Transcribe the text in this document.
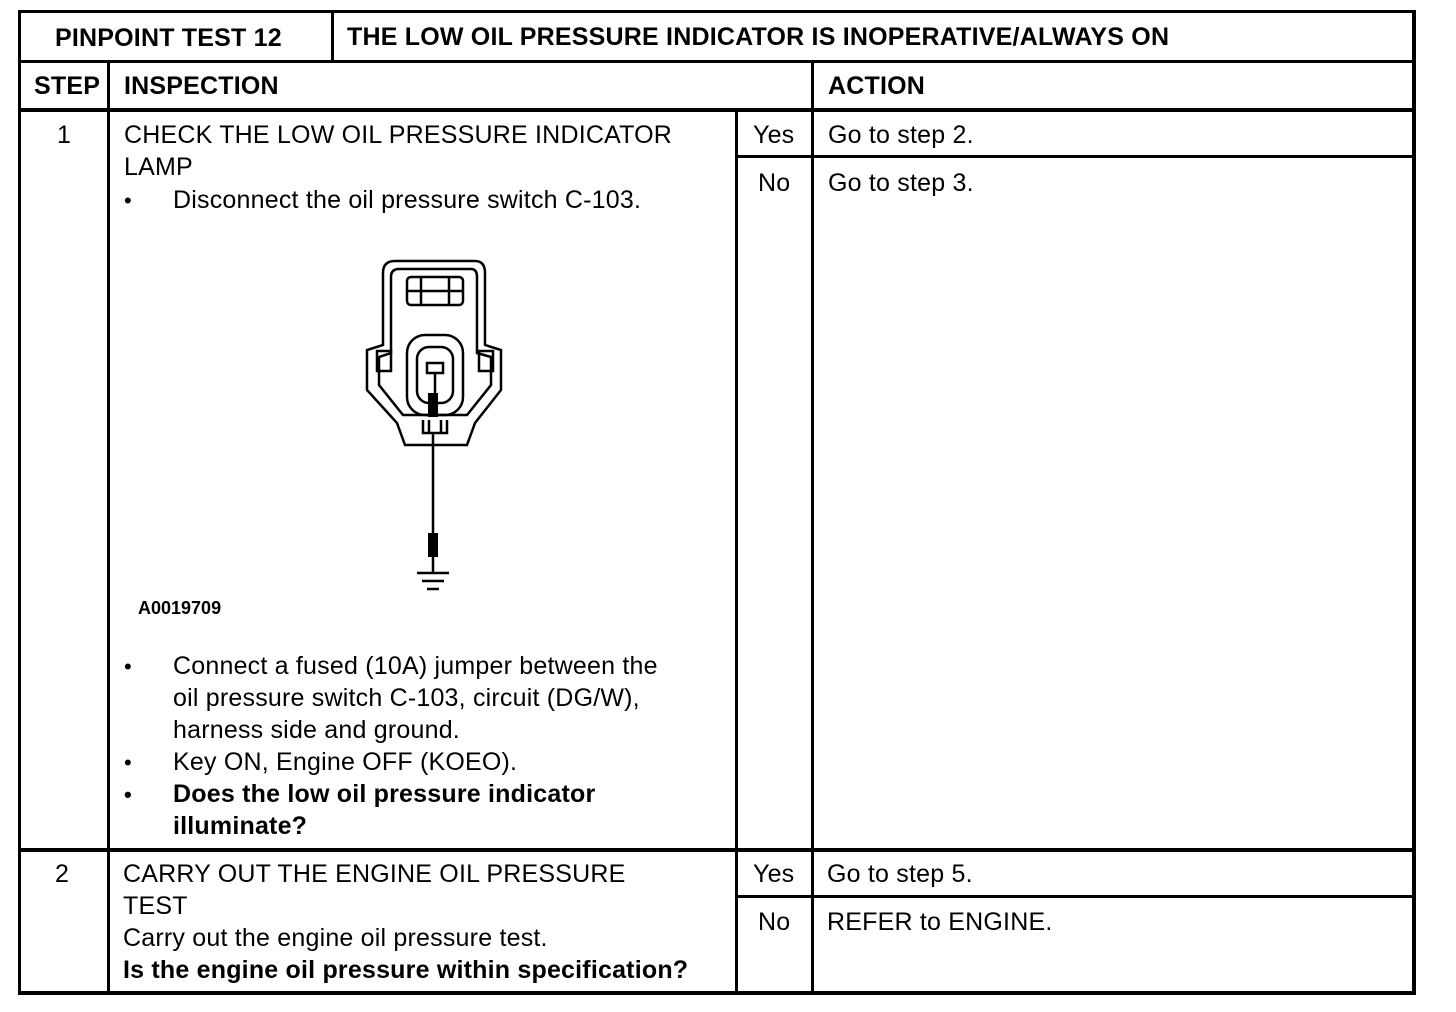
PINPOINT TEST 12	THE LOW OIL PRESSURE INDICATOR IS INOPERATIVE/ALWAYS ON
STEP INSPECTION	ACTION
1 CHECK THE LOW OIL PRESSURE INDICATOR
LAMP
• Disconnect the oil pressure switch C-103.
A0019709
• Connect a fused (10A) jumper between the
oil pressure switch C-103, circuit (DG/W),
harness side and ground.
• Key ON, Engine OFF (KOEO).
• Does the low oil pressure indicator
illuminate?
Yes Go to step 2.
No Go to step 3.
2 CARRY OUT THE ENGINE OIL PRESSURE
TEST
Carry out the engine oil pressure test.
Is the engine oil pressure within specification?
Yes Go to step 5.
No REFER to ENGINE.
